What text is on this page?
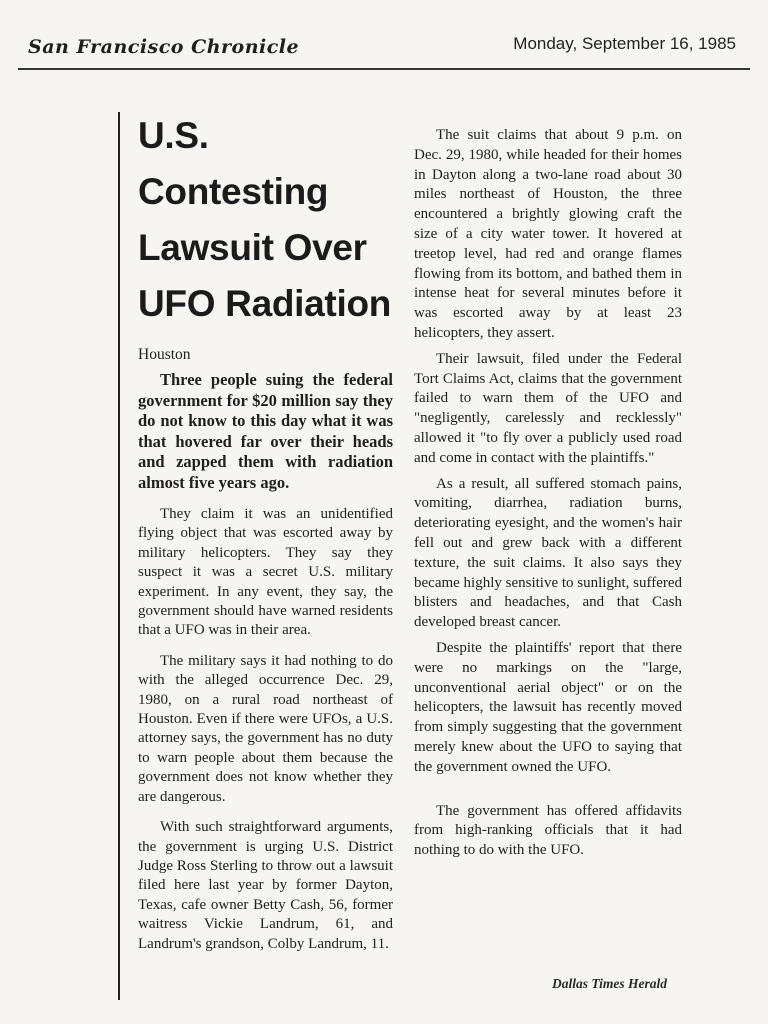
San Francisco Chronicle	Monday, September 16, 1985
U.S. Contesting
Lawsuit Over
UFO Radiation
Houston

Three people suing the federal government for $20 million say they do not know to this day what it was that hovered far over their heads and zapped them with radiation almost five years ago.

They claim it was an unidentified flying object that was escorted away by military helicopters. They say they suspect it was a secret U.S. military experiment. In any event, they say, the government should have warned residents that a UFO was in their area.

The military says it had nothing to do with the alleged occurrence Dec. 29, 1980, on a rural road northeast of Houston. Even if there were UFOs, a U.S. attorney says, the government has no duty to warn people about them because the government does not know whether they are dangerous.

With such straightforward arguments, the government is urging U.S. District Judge Ross Sterling to throw out a lawsuit filed here last year by former Dayton, Texas, cafe owner Betty Cash, 56, former waitress Vickie Landrum, 61, and Landrum's grandson, Colby Landrum, 11.

The suit claims that about 9 p.m. on Dec. 29, 1980, while headed for their homes in Dayton along a two-lane road about 30 miles northeast of Houston, the three encountered a brightly glowing craft the size of a city water tower. It hovered at treetop level, had red and orange flames flowing from its bottom, and bathed them in intense heat for several minutes before it was escorted away by at least 23 helicopters, they assert.

Their lawsuit, filed under the Federal Tort Claims Act, claims that the government failed to warn them of the UFO and "negligently, carelessly and recklessly" allowed it "to fly over a publicly used road and come in contact with the plaintiffs."

As a result, all suffered stomach pains, vomiting, diarrhea, radiation burns, deteriorating eyesight, and the women's hair fell out and grew back with a different texture, the suit claims. It also says they became highly sensitive to sunlight, suffered blisters and headaches, and that Cash developed breast cancer.

Despite the plaintiffs' report that there were no markings on the "large, unconventional aerial object" or on the helicopters, the lawsuit has recently moved from simply suggesting that the government merely knew about the UFO to saying that the government owned the UFO.

The government has offered affidavits from high-ranking officials that it had nothing to do with the UFO.

Dallas Times Herald
